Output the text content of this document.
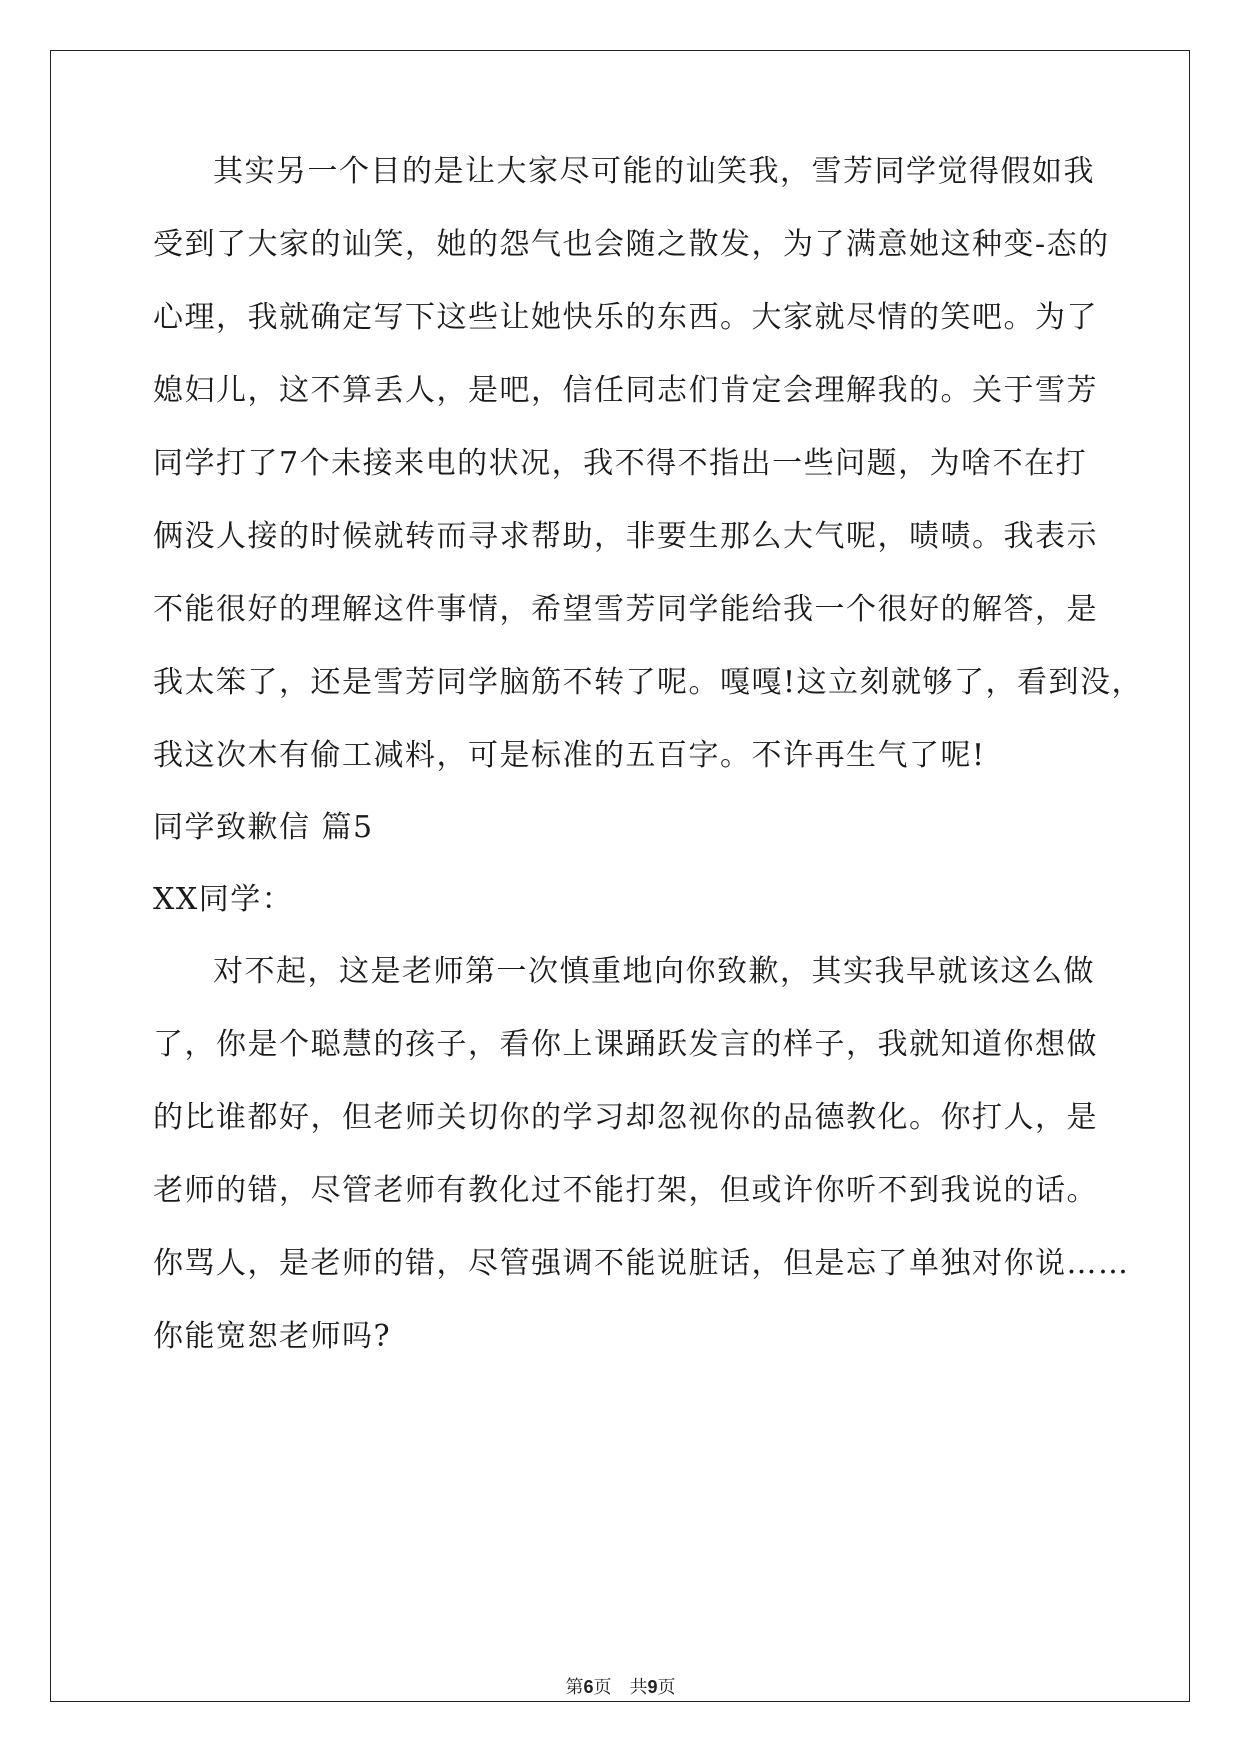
其实另一个目的是让大家尽可能的讪笑我，雪芳同学觉得假如我
受到了大家的讪笑，她的怨气也会随之散发，为了满意她这种变-态的
心理，我就确定写下这些让她快乐的东西。大家就尽情的笑吧。为了
媳妇儿，这不算丢人，是吧，信任同志们肯定会理解我的。关于雪芳
同学打了7个未接来电的状况，我不得不指出一些问题，为啥不在打
俩没人接的时候就转而寻求帮助，非要生那么大气呢，啧啧。我表示
不能很好的理解这件事情，希望雪芳同学能给我一个很好的解答，是
我太笨了，还是雪芳同学脑筋不转了呢。嘎嘎!这立刻就够了，看到没，
我这次木有偷工减料，可是标准的五百字。不许再生气了呢!
同学致歉信 篇5
XX同学：
对不起，这是老师第一次慎重地向你致歉，其实我早就该这么做
了，你是个聪慧的孩子，看你上课踊跃发言的样子，我就知道你想做
的比谁都好，但老师关切你的学习却忽视你的品德教化。你打人，是
老师的错，尽管老师有教化过不能打架，但或许你听不到我说的话。
你骂人，是老师的错，尽管强调不能说脏话，但是忘了单独对你说……
你能宽恕老师吗?
第6页　共9页
